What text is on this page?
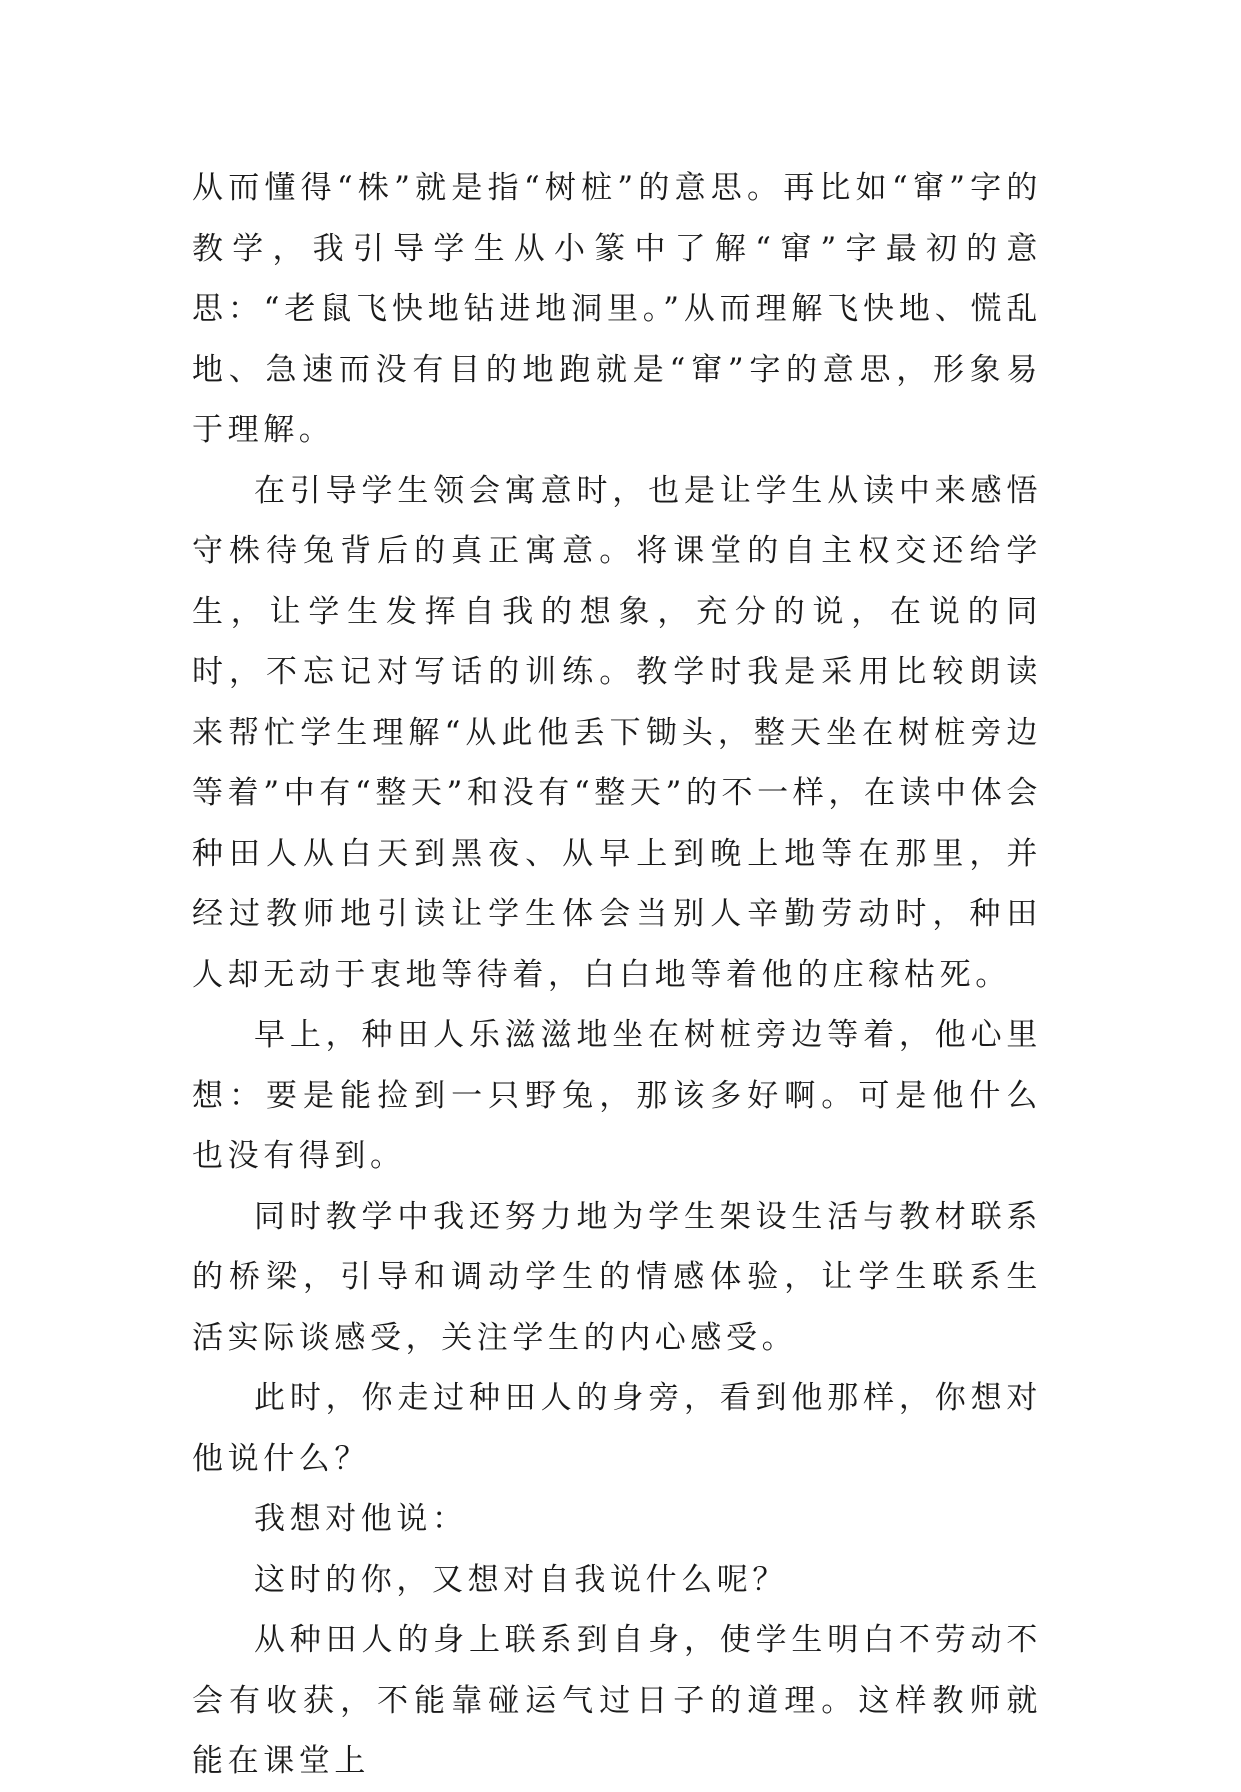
从而懂得“株”就是指“树桩”的意思。再比如“窜”字的教学，我引导学生从小篆中了解“窜”字最初的意思：“老鼠飞快地钻进地洞里。”从而理解飞快地、慌乱地、急速而没有目的地跑就是“窜”字的意思，形象易于理解。

在引导学生领会寓意时，也是让学生从读中来感悟守株待兔背后的真正寓意。将课堂的自主权交还给学生，让学生发挥自我的想象，充分的说，在说的同时，不忘记对写话的训练。教学时我是采用比较朗读来帮忙学生理解“从此他丢下锄头，整天坐在树桩旁边等着”中有“整天”和没有“整天”的不一样，在读中体会种田人从白天到黑夜、从早上到晚上地等在那里，并经过教师地引读让学生体会当别人辛勤劳动时，种田人却无动于衷地等待着，白白地等着他的庄稼枯死。

早上，种田人乐滋滋地坐在树桩旁边等着，他心里想：要是能捡到一只野兔，那该多好啊。可是他什么也没有得到。

同时教学中我还努力地为学生架设生活与教材联系的桥梁，引导和调动学生的情感体验，让学生联系生活实际谈感受，关注学生的内心感受。

此时，你走过种田人的身旁，看到他那样，你想对他说什么？

我想对他说：

这时的你，又想对自我说什么呢？

从种田人的身上联系到自身，使学生明白不劳动不会有收获，不能靠碰运气过日子的道理。这样教师就能在课堂上
